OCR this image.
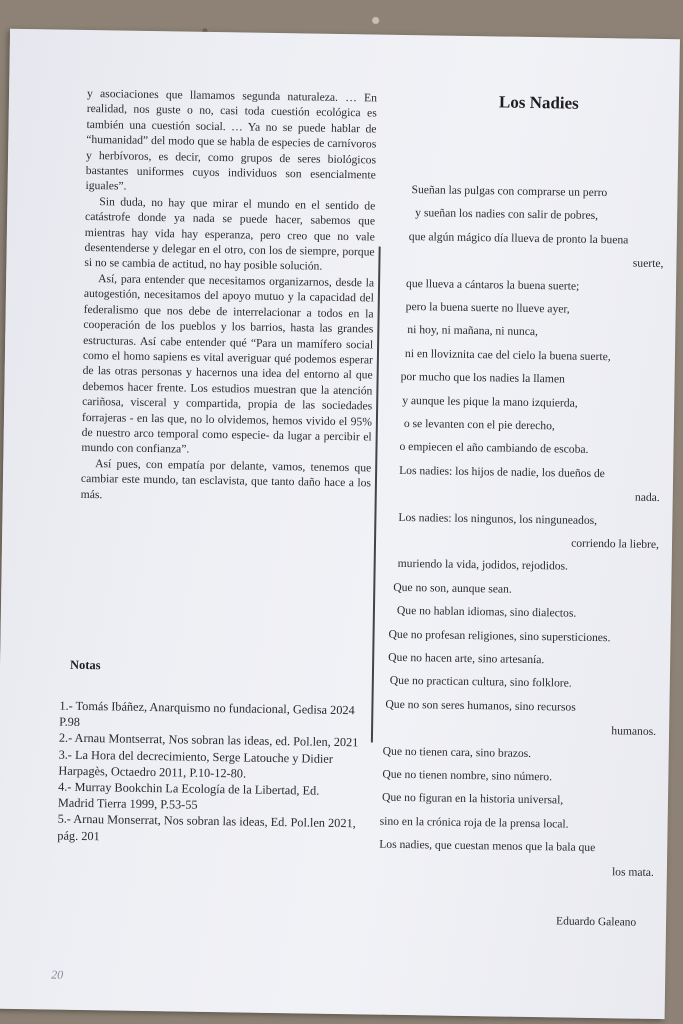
y asociaciones que llamamos segunda naturaleza. … En realidad, nos guste o no, casi toda cuestión ecológica es también una cuestión social. … Ya no se puede hablar de “humanidad” del modo que se habla de especies de carnívoros y herbívoros, es decir, como grupos de seres biológicos bastantes uniformes cuyos individuos son esencialmente iguales”.

Sin duda, no hay que mirar el mundo en el sentido de catástrofe donde ya nada se puede hacer, sabemos que mientras hay vida hay esperanza, pero creo que no vale desentenderse y delegar en el otro, con los de siempre, porque si no se cambia de actitud, no hay posible solución.

Así, para entender que necesitamos organizarnos, desde la autogestión, necesitamos del apoyo mutuo y la capacidad del federalismo que nos debe de interrelacionar a todos en la cooperación de los pueblos y los barrios, hasta las grandes estructuras. Así cabe entender qué “Para un mamífero social como el homo sapiens es vital averiguar qué podemos esperar de las otras personas y hacernos una idea del entorno al que debemos hacer frente. Los estudios muestran que la atención cariñosa, visceral y compartida, propia de las sociedades forrajeras - en las que, no lo olvidemos, hemos vivido el 95% de nuestro arco temporal como especie- da lugar a percibir el mundo con confianza”.

Así pues, con empatía por delante, vamos, tenemos que cambiar este mundo, tan esclavista, que tanto daño hace a los más.

Notas

1.- Tomás Ibáñez, Anarquismo no fundacional, Gedisa 2024 P.98

2.- Arnau Montserrat, Nos sobran las ideas, ed. Pol.len, 2021

3.- La Hora del decrecimiento, Serge Latouche y Didier Harpagès, Octaedro 2011, P.10-12-80.

4.- Murray Bookchin La Ecología de la Libertad, Ed. Madrid Tierra 1999, P.53-55

5.- Arnau Monserrat, Nos sobran las ideas, Ed. Pol.len 2021, pág. 201

Los Nadies
Sueñan las pulgas con comprarse un perro
y sueñan los nadies con salir de pobres,
que algún mágico día llueva de pronto la buena
suerte,
que llueva a cántaros la buena suerte;
pero la buena suerte no llueve ayer,
ni hoy, ni mañana, ni nunca,
ni en lloviznita cae del cielo la buena suerte,
por mucho que los nadies la llamen
y aunque les pique la mano izquierda,
o se levanten con el pie derecho,
o empiecen el año cambiando de escoba.
Los nadies: los hijos de nadie, los dueños de
nada.
Los nadies: los ningunos, los ninguneados,
corriendo la liebre,
muriendo la vida, jodidos, rejodidos.
Que no son, aunque sean.
Que no hablan idiomas, sino dialectos.
Que no profesan religiones, sino supersticiones.
Que no hacen arte, sino artesanía.
Que no practican cultura, sino folklore.
Que no son seres humanos, sino recursos
humanos.
Que no tienen cara, sino brazos.
Que no tienen nombre, sino número.
Que no figuran en la historia universal,
sino en la crónica roja de la prensa local.
Los nadies, que cuestan menos que la bala que
los mata.
Eduardo Galeano
20
